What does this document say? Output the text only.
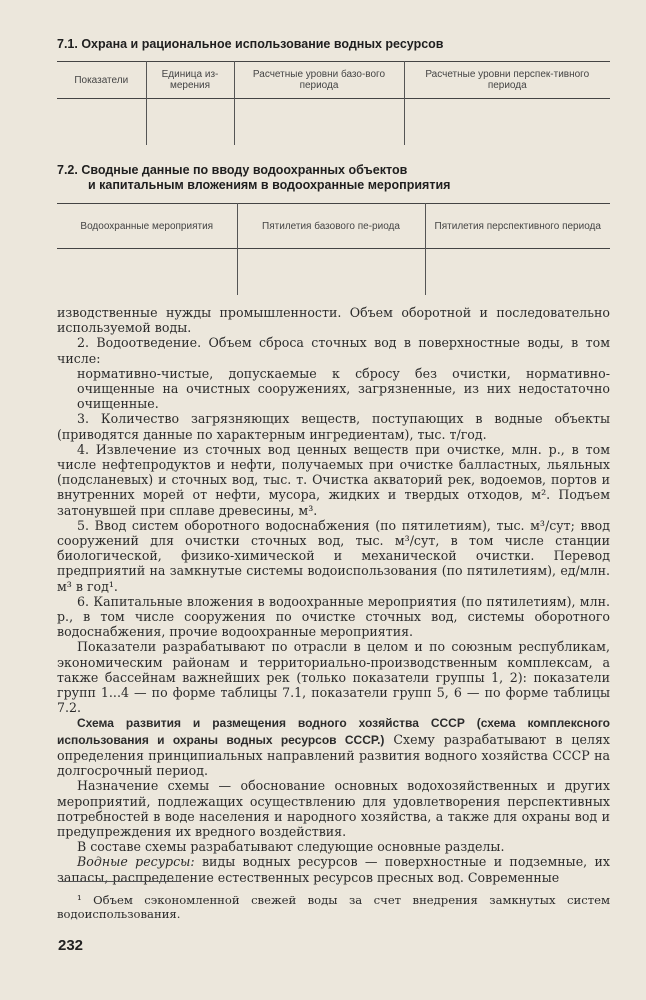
7.1. Охрана и рациональное использование водных ресурсов
Показатели	Единица из-мерения	Расчетные уровни базо-вого периода	Расчетные уровни перспек-тивного периода

7.2. Сводные данные по вводу водоохранных объектов
и капитальным вложениям в водоохранные мероприятия
Водоохранные мероприятия	Пятилетия базового пе-риода	Пятилетия перспективного периода

изводственные нужды промышленности. Объем оборотной и последовательно используемой воды.

2. Водоотведение. Объем сброса сточных вод в поверхностные воды, в том числе:

нормативно-чистые, допускаемые к сбросу без очистки, нормативно-очищенные на очистных сооружениях, загрязненные, из них недостаточно очищенные.

3. Количество загрязняющих веществ, поступающих в водные объекты (приводятся данные по характерным ингредиентам), тыс. т/год.

4. Извлечение из сточных вод ценных веществ при очистке, млн. р., в том числе нефтепродуктов и нефти, получаемых при очистке балластных, льяльных (подсланевых) и сточных вод, тыс. т. Очистка акваторий рек, водоемов, портов и внутренних морей от нефти, мусора, жидких и твердых отходов, м². Подъем затонувшей при сплаве древесины, м³.

5. Ввод систем оборотного водоснабжения (по пятилетиям), тыс. м³/сут; ввод сооружений для очистки сточных вод, тыс. м³/сут, в том числе станции биологической, физико-химической и механической очистки. Перевод предприятий на замкнутые системы водоиспользования (по пятилетиям), ед/млн. м³ в год¹.

6. Капитальные вложения в водоохранные мероприятия (по пятилетиям), млн. р., в том числе сооружения по очистке сточных вод, системы оборотного водоснабжения, прочие водоохранные мероприятия.

Показатели разрабатывают по отрасли в целом и по союзным республикам, экономическим районам и территориально-производственным комплексам, а также бассейнам важнейших рек (только показатели группы 1, 2): показатели групп 1...4 — по форме таблицы 7.1, показатели групп 5, 6 — по форме таблицы 7.2.

Схема развития и размещения водного хозяйства СССР (схема комплексного использования и охраны водных ресурсов СССР.) Схему разрабатывают в целях определения принципиальных направлений развития водного хозяйства СССР на долгосрочный период.

Назначение схемы — обоснование основных водохозяйственных и других мероприятий, подлежащих осуществлению для удовлетворения перспективных потребностей в воде населения и народного хозяйства, а также для охраны вод и предупреждения их вредного воздействия.

В составе схемы разрабатывают следующие основные разделы.

Водные ресурсы: виды водных ресурсов — поверхностные и подземные, их запасы, распределение естественных ресурсов пресных вод. Современные

¹ Объем сэкономленной свежей воды за счет внедрения замкнутых систем водоиспользования.
232
